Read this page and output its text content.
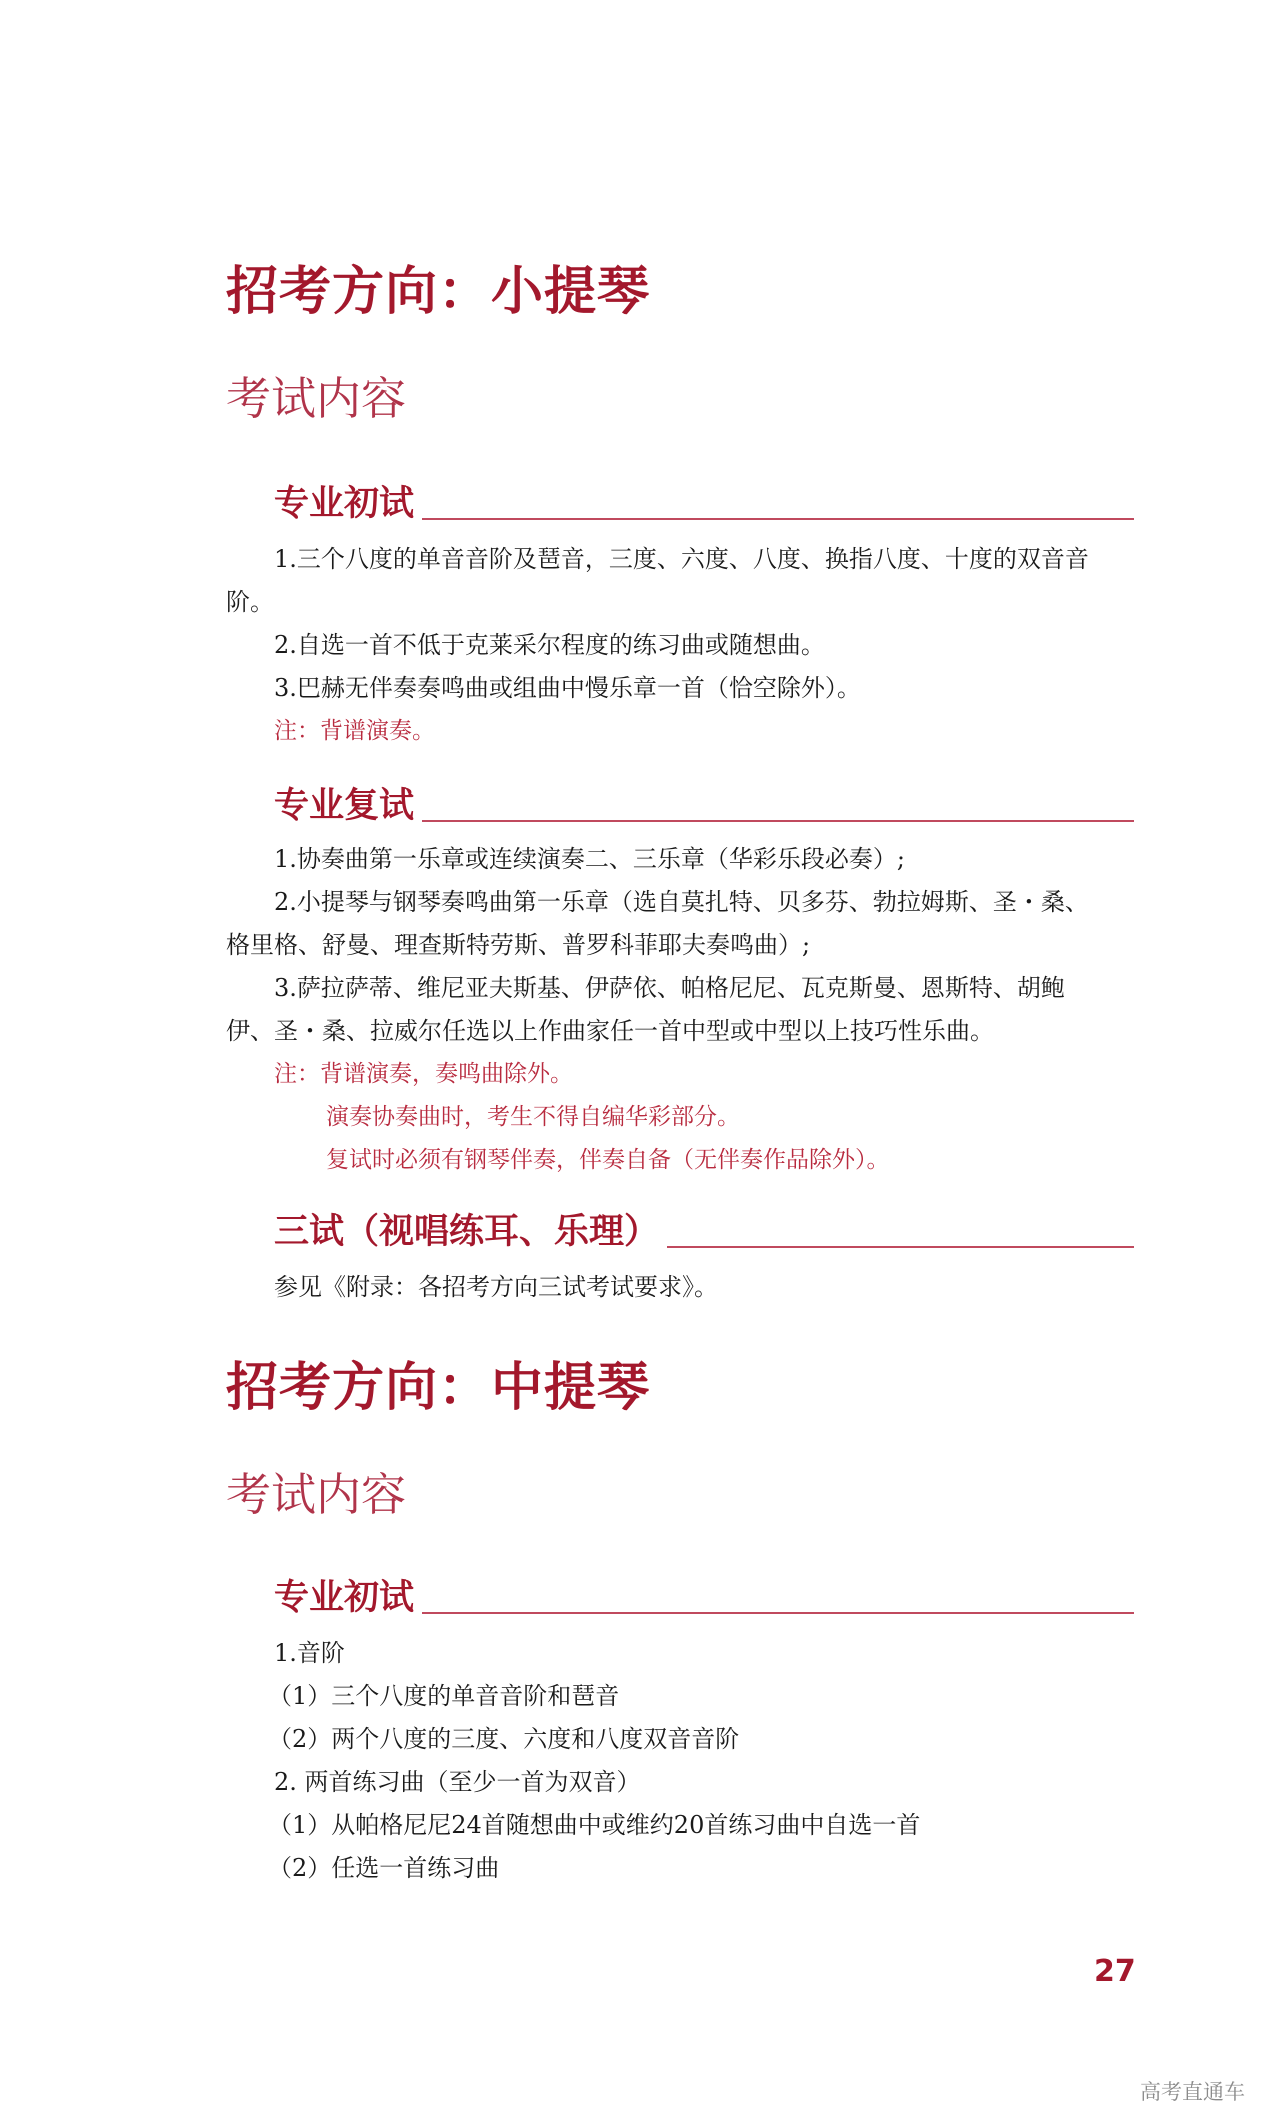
招考方向：小提琴
考试内容
专业初试
1.三个八度的单音音阶及琶音，三度、六度、八度、换指八度、十度的双音音
阶。
2.自选一首不低于克莱采尔程度的练习曲或随想曲。
3.巴赫无伴奏奏鸣曲或组曲中慢乐章一首（恰空除外）。
注：背谱演奏。
专业复试
1.协奏曲第一乐章或连续演奏二、三乐章（华彩乐段必奏）;
2.小提琴与钢琴奏鸣曲第一乐章（选自莫扎特、贝多芬、勃拉姆斯、圣・桑、
格里格、舒曼、理查斯特劳斯、普罗科菲耶夫奏鸣曲）;
3.萨拉萨蒂、维尼亚夫斯基、伊萨依、帕格尼尼、瓦克斯曼、恩斯特、胡鲍
伊、圣・桑、拉威尔任选以上作曲家任一首中型或中型以上技巧性乐曲。
注：背谱演奏，奏鸣曲除外。
演奏协奏曲时，考生不得自编华彩部分。
复试时必须有钢琴伴奏，伴奏自备（无伴奏作品除外）。
三试（视唱练耳、乐理）
参见《附录：各招考方向三试考试要求》。
招考方向：中提琴
考试内容
专业初试
1.音阶
（1）三个八度的单音音阶和琶音
（2）两个八度的三度、六度和八度双音音阶
2. 两首练习曲（至少一首为双音）
（1）从帕格尼尼24首随想曲中或维约20首练习曲中自选一首
（2）任选一首练习曲
27
高考直通车
